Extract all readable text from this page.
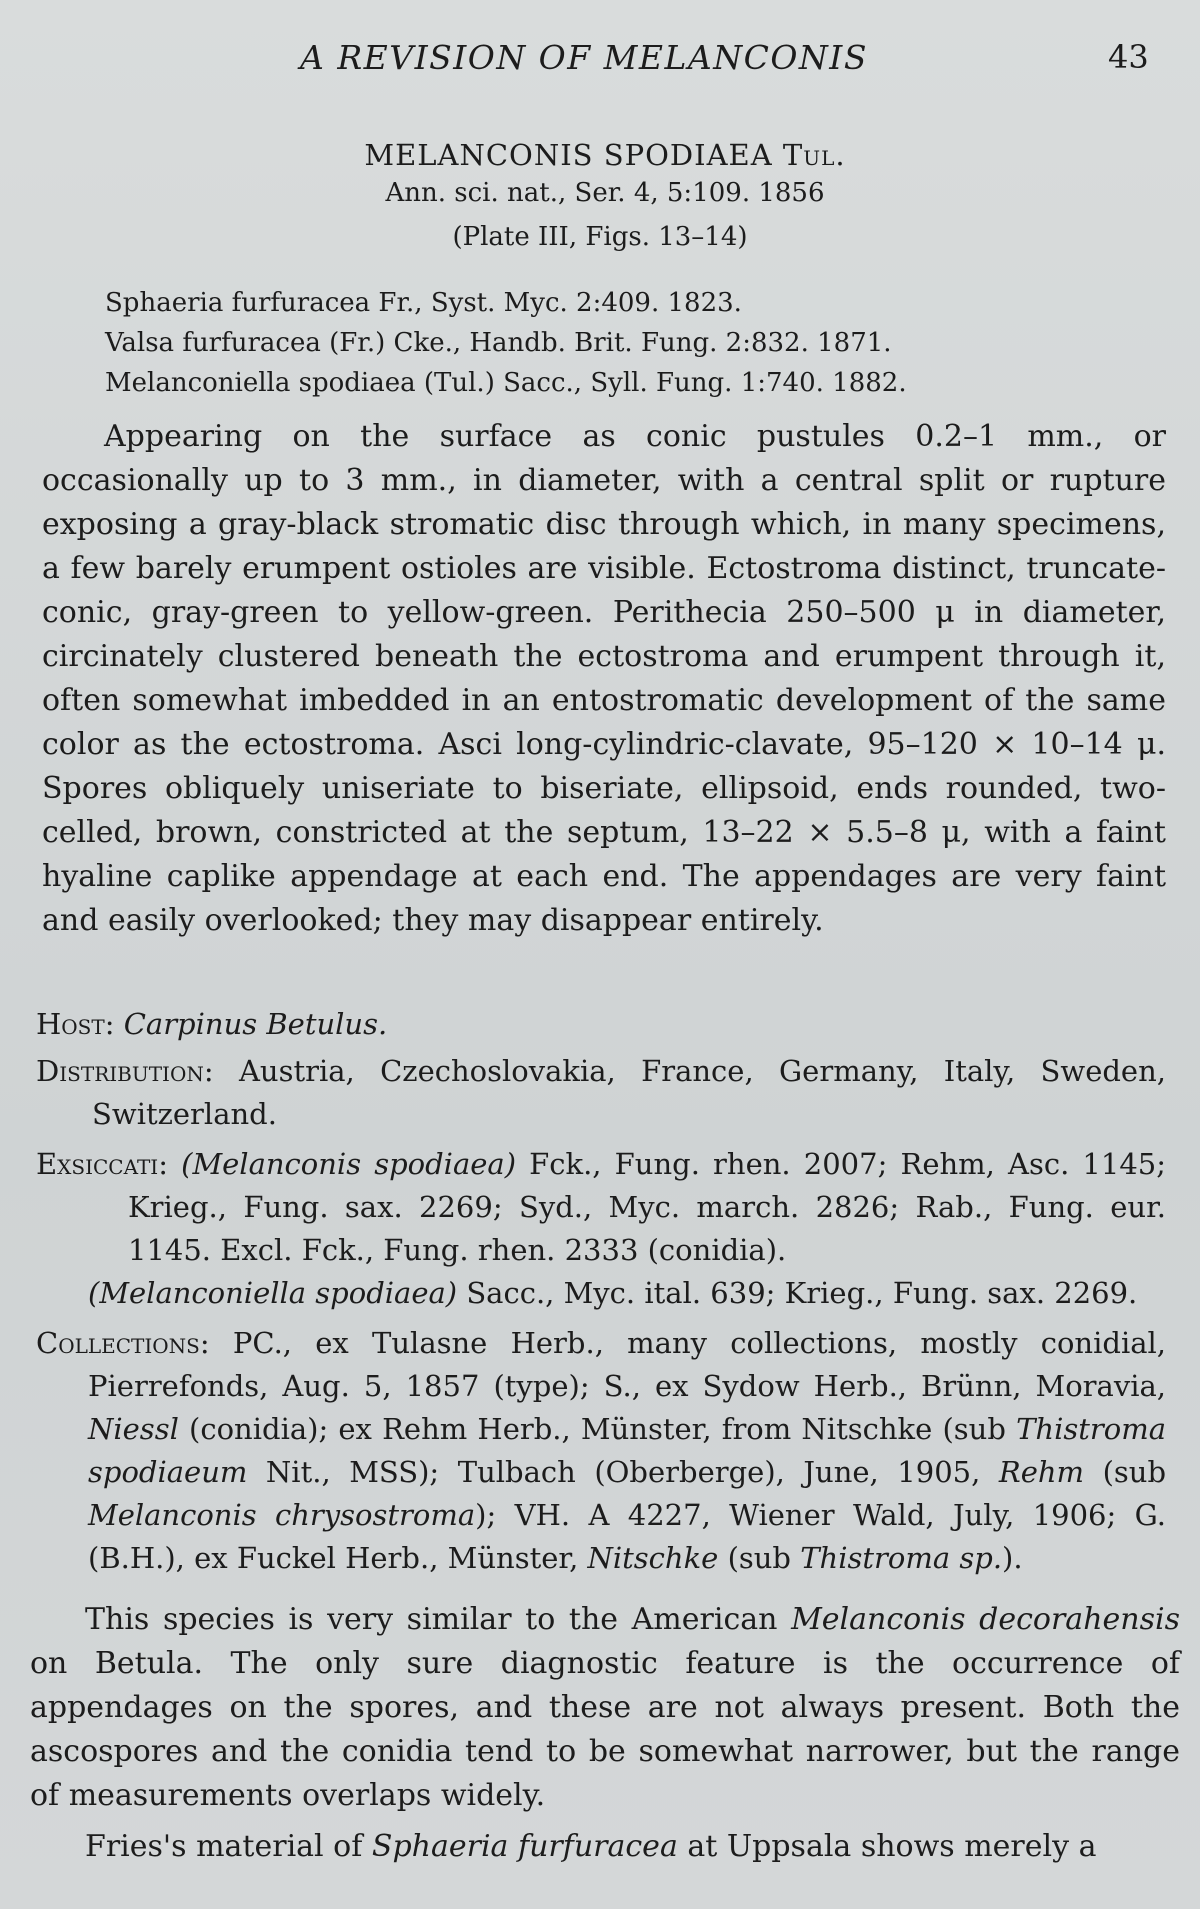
A REVISION OF MELANCONIS	43
MELANCONIS SPODIAEA Tul.
Ann. sci. nat., Ser. 4, 5:109. 1856
(Plate III, Figs. 13–14)
Sphaeria furfuracea Fr., Syst. Myc. 2:409. 1823.
Valsa furfuracea (Fr.) Cke., Handb. Brit. Fung. 2:832. 1871.
Melanconiella spodiaea (Tul.) Sacc., Syll. Fung. 1:740. 1882.

Appearing on the surface as conic pustules 0.2–1 mm., or occasionally up to 3 mm., in diameter, with a central split or rupture exposing a gray-black stromatic disc through which, in many specimens, a few barely erumpent ostioles are visible. Ectostroma distinct, truncate-conic, gray-green to yellow-green. Perithecia 250–500 μ in diameter, circinately clustered beneath the ectostroma and erumpent through it, often somewhat imbedded in an entostromatic development of the same color as the ectostroma. Asci long-cylindric-clavate, 95–120 × 10–14 μ. Spores obliquely uniseriate to biseriate, ellipsoid, ends rounded, two-celled, brown, constricted at the septum, 13–22 × 5.5–8 μ, with a faint hyaline caplike appendage at each end. The appendages are very faint and easily overlooked; they may disappear entirely.

Host: Carpinus Betulus.

Distribution: Austria, Czechoslovakia, France, Germany, Italy, Sweden, Switzerland.

Exsiccati: (Melanconis spodiaea) Fck., Fung. rhen. 2007; Rehm, Asc. 1145; Krieg., Fung. sax. 2269; Syd., Myc. march. 2826; Rab., Fung. eur. 1145. Excl. Fck., Fung. rhen. 2333 (conidia).

(Melanconiella spodiaea) Sacc., Myc. ital. 639; Krieg., Fung. sax. 2269.

Collections: PC., ex Tulasne Herb., many collections, mostly conidial, Pierrefonds, Aug. 5, 1857 (type); S., ex Sydow Herb., Brünn, Moravia, Niessl (conidia); ex Rehm Herb., Münster, from Nitschke (sub Thistroma spodiaeum Nit., MSS); Tulbach (Oberberge), June, 1905, Rehm (sub Melanconis chrysostroma); VH. A 4227, Wiener Wald, July, 1906; G.(B.H.), ex Fuckel Herb., Münster, Nitschke (sub Thistroma sp.).

This species is very similar to the American Melanconis decorahensis on Betula. The only sure diagnostic feature is the occurrence of appendages on the spores, and these are not always present. Both the ascospores and the conidia tend to be somewhat narrower, but the range of measurements overlaps widely.

Fries's material of Sphaeria furfuracea at Uppsala shows merely a
